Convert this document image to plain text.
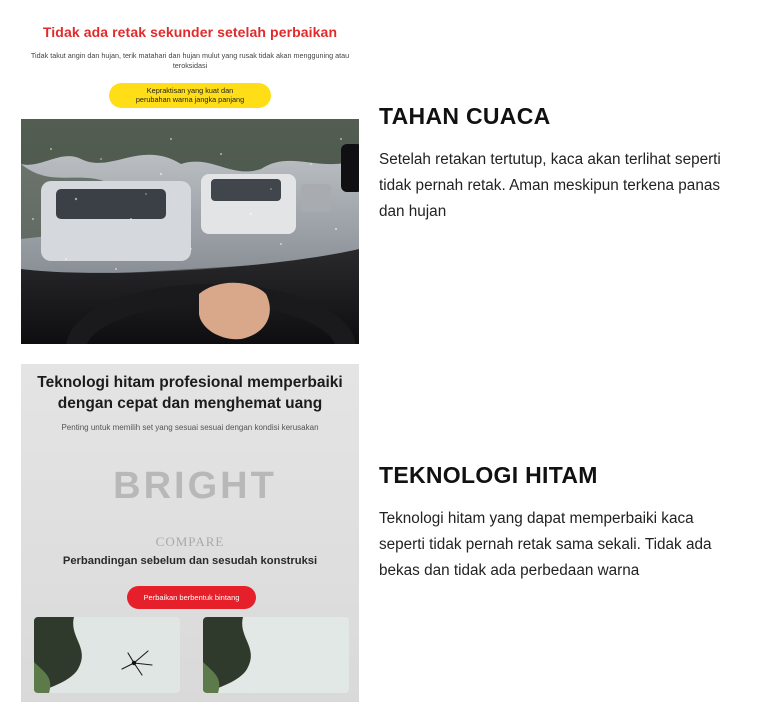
Tidak ada retak sekunder setelah perbaikan
Tidak takut angin dan hujan, terik matahari dan hujan mulut yang rusak tidak akan mengguning atau teroksidasi
Kepraktisan yang kuat dan
perubahan warna jangka panjang
TAHAN CUACA
Setelah retakan tertutup, kaca akan terlihat seperti tidak pernah retak. Aman meskipun terkena panas dan hujan
Teknologi hitam profesional memperbaiki
dengan cepat dan menghemat uang
Penting untuk memilih set yang sesuai sesuai dengan kondisi kerusakan
BRIGHT
COMPARE
Perbandingan sebelum dan sesudah konstruksi
Perbaikan berbentuk bintang
TEKNOLOGI HITAM
Teknologi hitam yang dapat memperbaiki kaca seperti tidak pernah retak sama sekali. Tidak ada bekas dan tidak ada perbedaan warna
